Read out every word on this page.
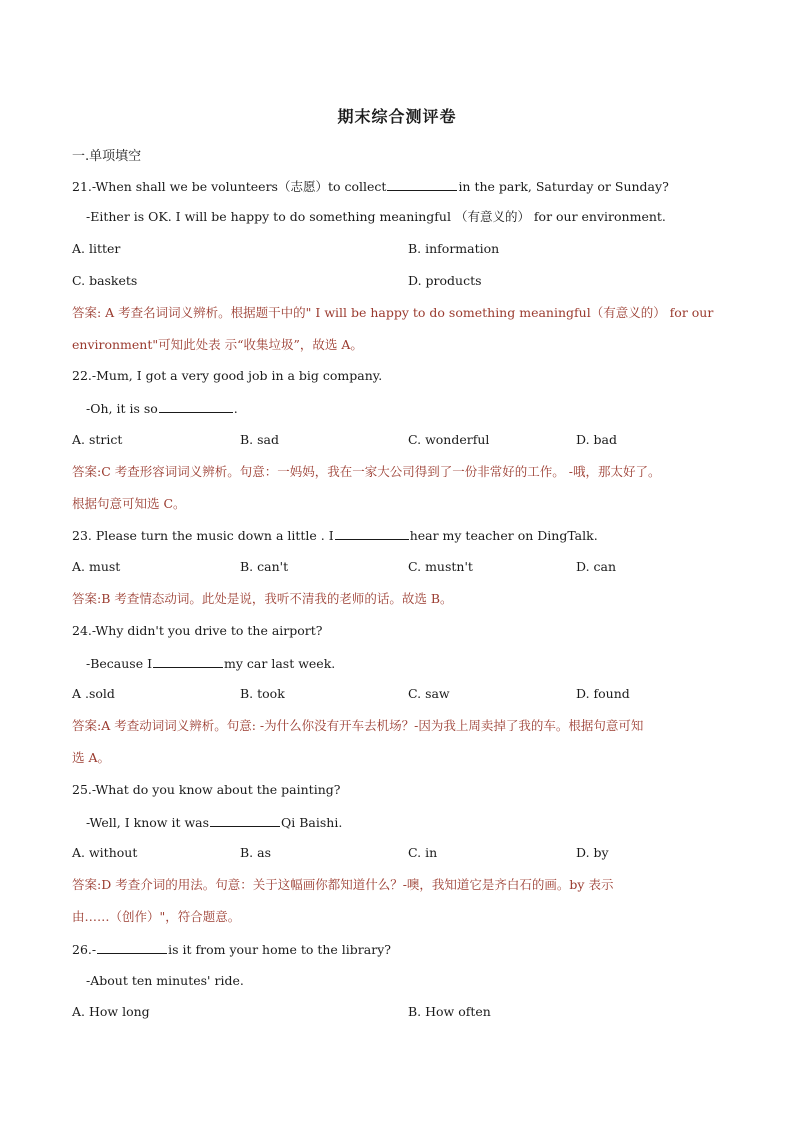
期末综合测评卷
一.单项填空
21.-When shall we be volunteers（志愿）to collect	in the park, Saturday or Sunday?
-Either is OK. I will be happy to do something meaningful （有意义的） for our environment.
A. litter	B. information
C. baskets	D. products
答案: A 考查名词词义辨析。根据题干中的" I will be happy to do something meaningful（有意义的） for our
environment"可知此处表 示“收集垃圾”，故选 A。
22.-Mum, I got a very good job in a big company.
-Oh, it is so	.
A. strict	B. sad	C. wonderful	D. bad
答案:C 考查形容词词义辨析。句意：一妈妈，我在一家大公司得到了一份非常好的工作。 -哦，那太好了。
根据句意可知选 C。
23. Please turn the music down a little . I	hear my teacher on DingTalk.
A. must	B. can't	C. mustn't	D. can
答案:B 考查情态动词。此处是说，我听不清我的老师的话。故选 B。
24.-Why didn't you drive to the airport?
-Because I	my car last week.
A .sold	B. took	C. saw	D. found
答案:A 考查动词词义辨析。句意: -为什么你没有开车去机场？-因为我上周卖掉了我的车。根据句意可知
选 A。
25.-What do you know about the painting?
-Well, I know it was	Qi Baishi.
A. without	B. as	C. in	D. by
答案:D 考查介词的用法。句意：关于这幅画你都知道什么？-噢，我知道它是齐白石的画。by 表示
由……（创作）"，符合题意。
26.-	is it from your home to the library?
-About ten minutes' ride.
A. How long	B. How often
